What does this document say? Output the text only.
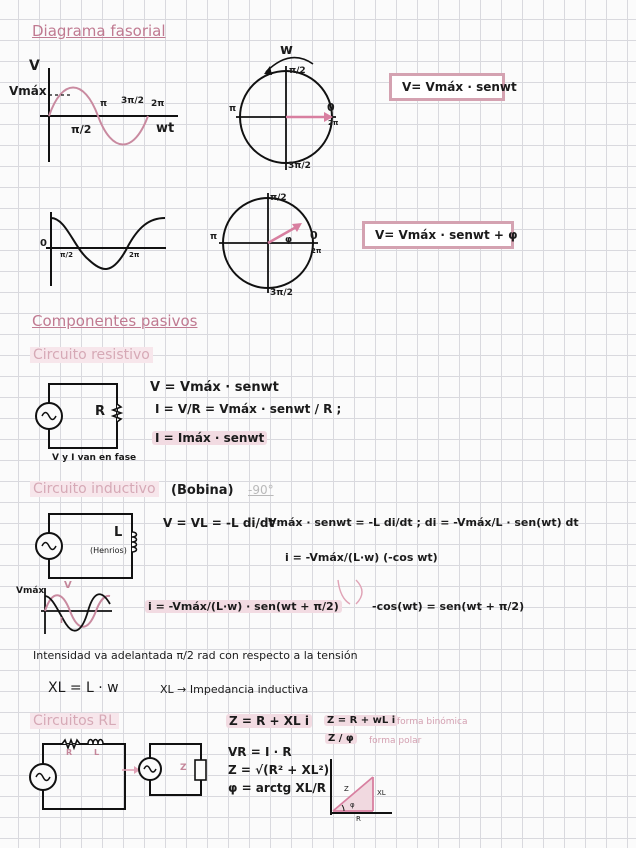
Diagrama fasorial
V
Vmáx
π 3π/2 2π
π/2	wt
w
π/2
π	0
2π
3π/2
V= Vmáx · senwt
0
π/2	2π
π/2
π	0
2π
3π/2
φ	V= Vmáx · senwt + φ
Componentes pasivos
Circuito resistivo
R
V = Vmáx · senwt
I = V/R = Vmáx · senwt / R ;
I = Imáx · senwt
V y I van en fase
Circuito inductivo (Bobina) -90°
L
(Henrios)
V = VL = -L di/dt
Vmáx · senwt = -L di/dt ; di = -Vmáx/L · sen(wt) dt
i = -Vmáx/(L·w) (-cos wt)
i = -Vmáx/(L·w) · sen(wt + π/2)	-cos(wt) = sen(wt + π/2)
Vmáx V
I
Intensidad va adelantada π/2 rad con respecto a la tensión
XL = L · w	XL → Impedancia inductiva
Circuitos RL
R	L
Z
Z = R + XL i	Z = R + wL i forma binómica
Z / φ	forma polar
VR = I · R
Z = √(R² + XL²)
φ = arctg XL/R	Z	XL
R
φ
